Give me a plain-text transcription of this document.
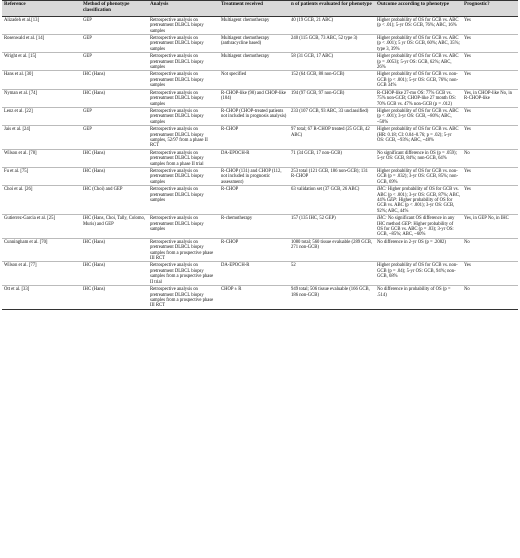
Reference	Method of phenotype classification	Analysis	Treatment received	n of patients evaluated for phenotype	Outcome according to phenotype	Prognostic?
Alizadeh et al.[13]	GEP	Retrospective analysis on pretreatment DLBCL biopsy samples	Multiagent chemotherapy	40 (19 GCB, 21 ABC)	Higher probability of OS for GCB vs. ABC (p < .01); 5-yr OS: GCB, 76%; ABC, 16%	Yes
Rosenwald et al. [14]	GEP	Retrospective analysis on pretreatment DLBCL biopsy samples	Multiagent chemotherapy (anthracycline based)	240 (115 GCB, 73 ABC, 52 type 3)	Higher probability of OS for GCB vs. ABC (p < .001); 5 yr OS: GCB, 60%; ABC, 35%; type 3, 39%	Yes
Wright et al. [15]	GEP	Retrospective analysis on pretreatment DLBCL biopsy samples	Multiagent chemotherapy	58 (31 GCB, 17 ABC)	Higher probability of OS for GCB vs. ABC (p = .0053); 5-yr OS: GCB, 62%; ABC, 26%	Yes
Hans et al. [30]	IHC (Hans)	Retrospective analysis on pretreatment DLBCL biopsy samples	Not specified	152 (64 GCB, 88 non-GCB)	Higher probability of OS for GCB vs. non-GCB (p < .001); 5-yr OS: GCB, 76%; non-GCB 34%	Yes
Nyman et al. [74]	IHC (Hans)	Retrospective analysis on pretreatment DLBCL biopsy samples	R-CHOP-like (90) and CHOP-like (104)	194 (97 GCB, 97 non-GCB)	R-CHOP-like 27-mo OS: 77% GCB vs. 75% non-GCB; CHOP-like 27 month OS: 70% GCB vs. 47% non-GCB (p = .012)	Yes, in CHOP-like No, in R-CHOP-like
Lenz et al. [22]	GEP	Retrospective analysis on pretreatment DLBCL biopsy samples	R-CHOP (CHOP-treated patients not included in prognosis analysis)	233 (107 GCB, 93 ABC, 33 unclassified)	Higher probability of OS for GCB vs. ABC (p < .001); 3-yr OS: GCB, ~80%; ABC, ~50%	Yes
Jais et al. [24]	GEP	Retrospective analysis on pretreatment DLBCL biopsy samples, 52/97 from a phase II RCT	R-CHOP	97 total; 67 R-CHOP treated (25 GCB, 42 ABC)	Higher probability of OS for GCB vs. ABC (HR: 0.18; CI: 0.04–0.76; p = .02); 5-yr OS: GCB, ~93%; ABC, ~48%	Yes
Wilson et al. [78]	IHC (Hans)	Retrospective analysis on pretreatment DLBCL biopsy samples from a phase II trial	DA-EPOCH-R	71 (34 GCB, 17 non-GCB)	No significant difference in OS (p = .059); 5-yr OS: GCB, 84%; non-GCB, 64%	No
Fu et al. [75]	IHC (Hans)	Retrospective analysis on pretreatment DLBCL biopsy samples	R-CHOP (131) and CHOP (112, not included in prognostic assessment)	253 total (121 GCB, 186 non-GCB); 131 R-CHOP	Higher probability of OS for GCB vs. non-GCB (p = .032); 3-yr OS: GCB, 85%; non-GCB, 69%	Yes
Choi et al. [26]	IHC (Choi) and GEP	Retrospective analysis on pretreatment DLBCL biopsy samples	R-CHOP	63 validation set (37 GCB, 26 ABC)	IHC: Higher probability of OS for GCB vs. ABC (p < .001); 3-yr OS: GCB, 87%; ABC, 44% GEP: Higher probability of OS for GCB vs. ABC (p < .001); 3-yr OS: GCB, 92%; ABC, 44%	Yes
Gutierrez-Garcia et al. [25]	IHC (Hans, Choi, Tally, Colomo, Muris) and GEP	Retrospective analysis on pretreatment DLBCL biopsy samples	R-chemotherapy	157 (135 IHC, 52 GEP)	IHC: No significant OS difference in any IHC method GEP: Higher probability of OS for GCB vs. ABC (p = .03); 3-yr OS: GCB, ~85%; ABC, ~60%	Yes, in GEP No, in IHC
Cunningham et al. [70]	IHC (Hans)	Retrospective analysis on pretreatment DLBCL biopsy samples from a prospective phase III RCT	R-CHOP	1080 total; 560 tissue evaluable (289 GCB, 271 non-GCB)	No difference in 2-yr OS (p = .2082)	No
Wilson et al. [77]	IHC (Hans)	Retrospective analysis on pretreatment DLBCL biopsy samples from a prospective phase II trial	DA-EPOCH-R	52	Higher probability of OS for GCB vs. non-GCB (p = .04); 5-yr OS: GCB, 94%; non-GCB, 68%	Yes
Ott et al. [33]	IHC (Hans)	Retrospective analysis on pretreatment DLBCL biopsy samples from a prospective phase III RCT	CHOP ± R	949 total; 506 tissue evaluable (166 GCB, 186 non-GCB)	No difference in probability of OS (p = .514)	No
